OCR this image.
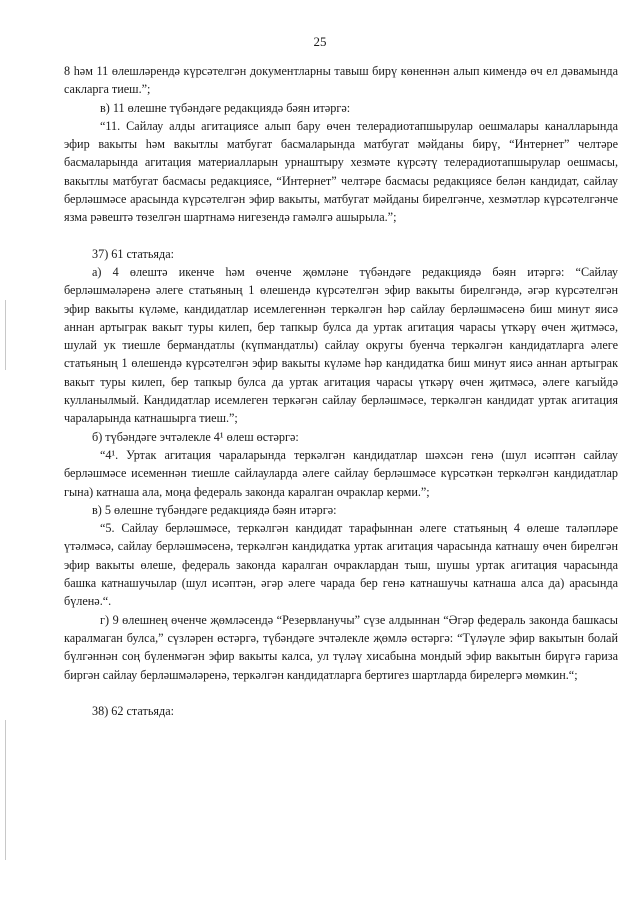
25

8 һәм 11 өлешләрендә күрсәтелгән документларны тавыш бирү көненнән алып кимендә өч ел дәвамында сакларга тиеш.”;

в) 11 өлешне түбәндәге редакциядә бәян итәргә:

“11. Сайлау алды агитациясе алып бару өчен телерадиотапшырулар оешмалары каналларында эфир вакыты һәм вакытлы матбугат басмаларында матбугат мәйданы бирү, “Интернет” челтәре басмаларында агитация материалларын урнаштыру хезмәте күрсәтү телерадиотапшырулар оешмасы, вакытлы матбугат басмасы редакциясе, “Интернет” челтәре басмасы редакциясе белән кандидат, сайлау берләшмәсе арасында күрсәтелгән эфир вакыты, матбугат мәйданы бирелгәнче, хезмәтләр күрсәтелгәнче язма рәвештә төзелгән шартнамә нигезендә гамәлгә ашырыла.”;

37) 61 статьяда:

а) 4 өлештә икенче һәм өченче җөмләне түбәндәге редакциядә бәян итәргә: “Сайлау берләшмәләренә әлеге статьяның 1 өлешендә күрсәтелгән эфир вакыты бирелгәндә, әгәр күрсәтелгән эфир вакыты күләме, кандидатлар исемлегеннән теркәлгән һәр сайлау берләшмәсенә биш минут яисә аннан артыграк вакыт туры килеп, бер тапкыр булса да уртак агитация чарасы үткәрү өчен җитмәсә, шулай ук тиешле бермандатлы (күпмандатлы) сайлау округы буенча теркәлгән кандидатларга әлеге статьяның 1 өлешендә күрсәтелгән эфир вакыты күләме һәр кандидатка биш минут яисә аннан артыграк вакыт туры килеп, бер тапкыр булса да уртак агитация чарасы үткәрү өчен җитмәсә, әлеге кагыйдә кулланылмый. Кандидатлар исемлеген теркәгән сайлау берләшмәсе, теркәлгән кандидат уртак агитация чараларында катнашырга тиеш.”;

б) түбәндәге эчтәлекле 4¹ өлеш өстәргә:

“4¹. Уртак агитация чараларында теркәлгән кандидатлар шәхсән генә (шул исәптән сайлау берләшмәсе исеменнән тиешле сайлауларда әлеге сайлау берләшмәсе күрсәткән теркәлгән кандидатлар гына) катнаша ала, моңа федераль законда каралган очраклар керми.”;

в) 5 өлешне түбәндәге редакциядә бәян итәргә:

“5. Сайлау берләшмәсе, теркәлгән кандидат тарафыннан әлеге статьяның 4 өлеше таләпләре үтәлмәсә, сайлау берләшмәсенә, теркәлгән кандидатка уртак агитация чарасында катнашу өчен бирелгән эфир вакыты өлеше, федераль законда каралган очраклардан тыш, шушы уртак агитация чарасында башка катнашучылар (шул исәптән, әгәр әлеге чарада бер генә катнашучы катнаша алса да) арасында бүленә.“.

г) 9 өлешнең өченче җөмләсендә “Резервланучы” сүзе алдыннан “Әгәр федераль законда башкасы каралмаган булса,” сүзләрен өстәргә, түбәндәге эчтәлекле җөмлә өстәргә: “Түләүле эфир вакытын болай бүлгәннән соң бүленмәгән эфир вакыты калса, ул түләү хисабына мондый эфир вакытын бирүгә гариза биргән сайлау берләшмәләренә, теркәлгән кандидатларга бертигез шартларда бирелергә мөмкин.“;

38) 62 статьяда:
